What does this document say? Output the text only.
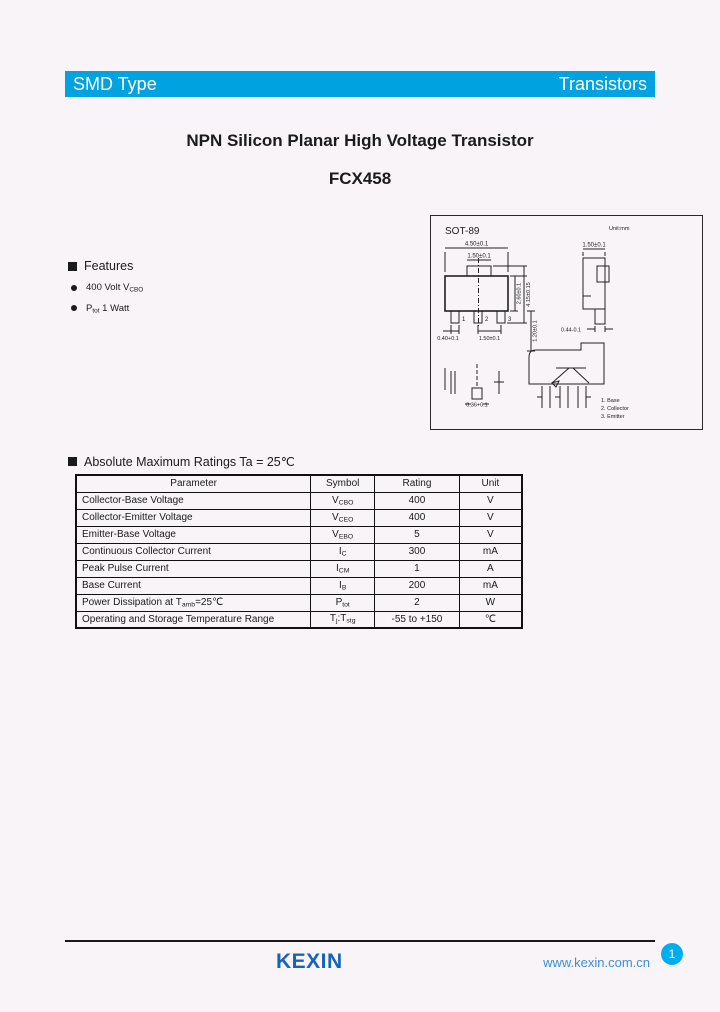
SMD Type	Transistors
NPN Silicon Planar High Voltage Transistor
FCX458
Features
400 Volt $V_{CBO}$
$P_{tot}$ 1 Watt
SOT-89	Unit:mm
4.50±0.1
1.50±0.1
2.60±0.1 4.15±0.15
1	2	3
0.40+0.1	1.50±0.1	1.20±0.1
1.50±0.1
0.44-0.1
0.36+0.1
1. Base
2. Collector
3. Emitter
Absolute Maximum Ratings Ta = 25℃
Parameter	Symbol	Rating	Unit
Collector-Base Voltage	$V_{CBO}$	400	V
Collector-Emitter Voltage	$V_{CEO}$	400	V
Emitter-Base Voltage	$V_{EBO}$	5	V
Continuous Collector Current	$I_C$	300	mA
Peak Pulse Current	$I_{CM}$	1	A
Base Current	$I_B$	200	mA
Power Dissipation at $T_{amb}=25℃$	$P_{tot}$	2	W
Operating and Storage Temperature Range	$T_j:T_{stg}$	-55 to +150	℃
KEXIN	www.kexin.com.cn
1
